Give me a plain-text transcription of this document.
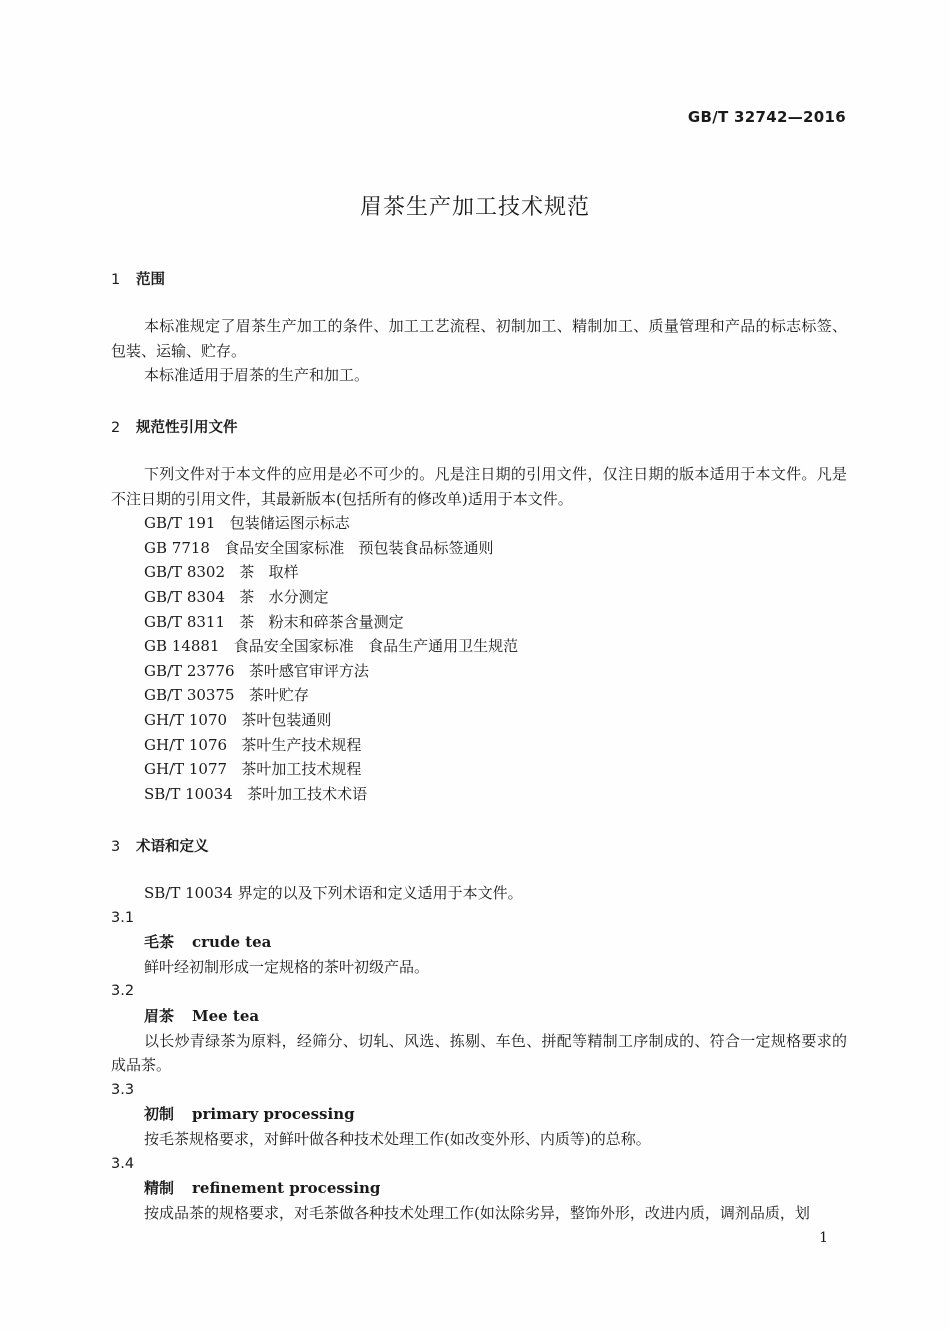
GB/T 32742—2016
眉茶生产加工技术规范
1 范围

本标准规定了眉茶生产加工的条件、加工工艺流程、初制加工、精制加工、质量管理和产品的标志标签、包装、运输、贮存。

本标准适用于眉茶的生产和加工。

2 规范性引用文件

下列文件对于本文件的应用是必不可少的。凡是注日期的引用文件，仅注日期的版本适用于本文件。凡是不注日期的引用文件，其最新版本(包括所有的修改单)适用于本文件。

GB/T 191   包装储运图示标志

GB 7718   食品安全国家标准   预包装食品标签通则

GB/T 8302   茶   取样

GB/T 8304   茶   水分测定

GB/T 8311   茶   粉末和碎茶含量测定

GB 14881   食品安全国家标准   食品生产通用卫生规范

GB/T 23776   茶叶感官审评方法

GB/T 30375   茶叶贮存

GH/T 1070   茶叶包装通则

GH/T 1076   茶叶生产技术规程

GH/T 1077   茶叶加工技术规程

SB/T 10034   茶叶加工技术术语

3 术语和定义

SB/T 10034 界定的以及下列术语和定义适用于本文件。

3.1

毛茶 crude tea

鲜叶经初制形成一定规格的茶叶初级产品。

3.2

眉茶 Mee tea

以长炒青绿茶为原料，经筛分、切轧、风选、拣剔、车色、拼配等精制工序制成的、符合一定规格要求的成品茶。

3.3

初制 primary processing

按毛茶规格要求，对鲜叶做各种技术处理工作(如改变外形、内质等)的总称。

3.4

精制 refinement processing

按成品茶的规格要求，对毛茶做各种技术处理工作(如汰除劣异，整饰外形，改进内质，调剂品质，划

1
